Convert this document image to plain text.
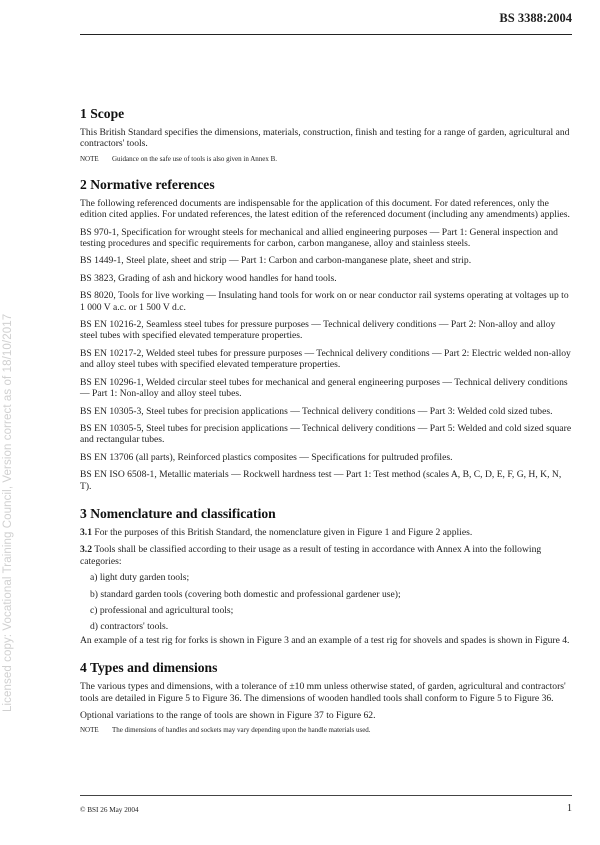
BS 3388:2004
Licensed copy: Vocational Training Council, Version correct as of 18/10/2017
1 Scope

This British Standard specifies the dimensions, materials, construction, finish and testing for a range of garden, agricultural and contractors' tools.

NOTE Guidance on the safe use of tools is also given in Annex B.

2 Normative references

The following referenced documents are indispensable for the application of this document. For dated references, only the edition cited applies. For undated references, the latest edition of the referenced document (including any amendments) applies.

BS 970-1, Specification for wrought steels for mechanical and allied engineering purposes — Part 1: General inspection and testing procedures and specific requirements for carbon, carbon manganese, alloy and stainless steels.

BS 1449-1, Steel plate, sheet and strip — Part 1: Carbon and carbon-manganese plate, sheet and strip.

BS 3823, Grading of ash and hickory wood handles for hand tools.

BS 8020, Tools for live working — Insulating hand tools for work on or near conductor rail systems operating at voltages up to 1 000 V a.c. or 1 500 V d.c.

BS EN 10216-2, Seamless steel tubes for pressure purposes — Technical delivery conditions — Part 2: Non-alloy and alloy steel tubes with specified elevated temperature properties.

BS EN 10217-2, Welded steel tubes for pressure purposes — Technical delivery conditions — Part 2: Electric welded non-alloy and alloy steel tubes with specified elevated temperature properties.

BS EN 10296-1, Welded circular steel tubes for mechanical and general engineering purposes — Technical delivery conditions — Part 1: Non-alloy and alloy steel tubes.

BS EN 10305-3, Steel tubes for precision applications — Technical delivery conditions — Part 3: Welded cold sized tubes.

BS EN 10305-5, Steel tubes for precision applications — Technical delivery conditions — Part 5: Welded and cold sized square and rectangular tubes.

BS EN 13706 (all parts), Reinforced plastics composites — Specifications for pultruded profiles.

BS EN ISO 6508-1, Metallic materials — Rockwell hardness test — Part 1: Test method (scales A, B, C, D, E, F, G, H, K, N, T).

3 Nomenclature and classification

3.1 For the purposes of this British Standard, the nomenclature given in Figure 1 and Figure 2 applies.

3.2 Tools shall be classified according to their usage as a result of testing in accordance with Annex A into the following categories:

a) light duty garden tools;

b) standard garden tools (covering both domestic and professional gardener use);

c) professional and agricultural tools;

d) contractors' tools.

An example of a test rig for forks is shown in Figure 3 and an example of a test rig for shovels and spades is shown in Figure 4.

4 Types and dimensions

The various types and dimensions, with a tolerance of ±10 mm unless otherwise stated, of garden, agricultural and contractors' tools are detailed in Figure 5 to Figure 36. The dimensions of wooden handled tools shall conform to Figure 5 to Figure 36.

Optional variations to the range of tools are shown in Figure 37 to Figure 62.

NOTE The dimensions of handles and sockets may vary depending upon the handle materials used.

© BSI 26 May 2004	1
